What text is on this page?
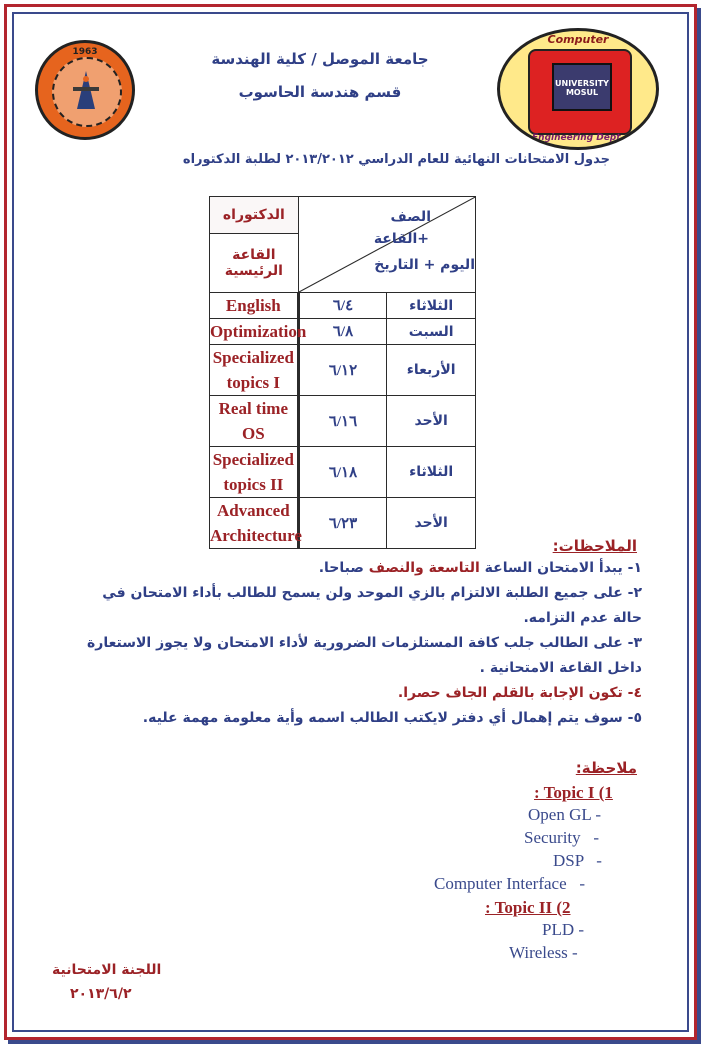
1963
Computer
UNIVERSITY MOSUL
Engineering Dept.
جامعة الموصل / كلية الهندسة
قسم هندسة الحاسوب
جدول الامتحانات النهائية للعام الدراسي ٢٠١٣/٢٠١٢ لطلبة الدكتوراه
الدكتوراه	الصف
+القاعة
اليوم + التاريخ	

القاعة الرئيسية		
English	٦/٤	الثلاثاء
Optimization	٦/٨	السبت
Specialized topics I	٦/١٢	الأربعاء
Real time OS	٦/١٦	الأحد
Specialized topics II	٦/١٨	الثلاثاء
Advanced Architecture	٦/٢٣	الأحد
الملاحظات:

١- يبدأ الامتحان الساعة التاسعة والنصف صباحا.

٢- على جميع الطلبة الالتزام بالزي الموحد ولن يسمح للطالب بأداء الامتحان في حالة عدم التزامه.

٣- على الطالب جلب كافة المستلزمات الضرورية لأداء الامتحان ولا يجوز الاستعارة داخل القاعة الامتحانية .

٤- تكون الإجابة بالقلم الجاف حصرا.

٥- سوف يتم إهمال أي دفتر لايكتب الطالب اسمه وأية معلومة مهمة عليه.

ملاحظة:
: Topic I (1
Open GL -
Security   -
DSP   -
Computer Interface   -
: Topic II (2
PLD -
Wireless -
اللجنة الامتحانية
٢٠١٣/٦/٢
